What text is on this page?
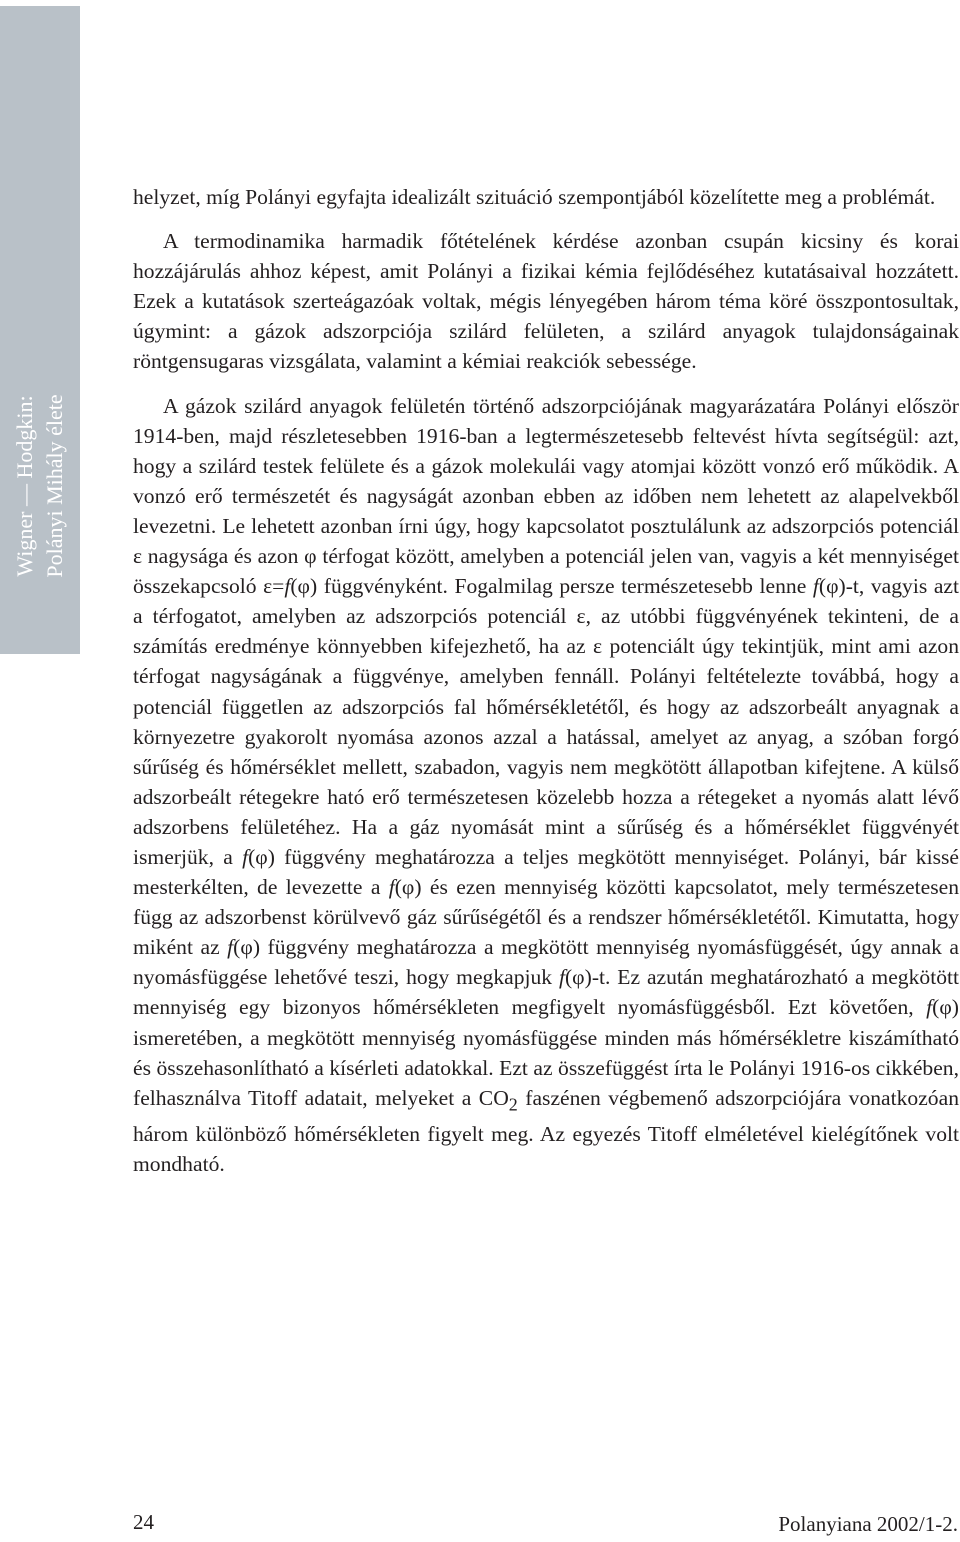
Wigner — Hodgkin: Polányi Mihály élete

helyzet, míg Polányi egyfajta idealizált szituáció szempontjából közelítette meg a problémát.

A termodinamika harmadik főtételének kérdése azonban csupán kicsiny és korai hozzájárulás ahhoz képest, amit Polányi a fizikai kémia fejlődéséhez kutatásaival hozzátett. Ezek a kutatások szerteágazóak voltak, mégis lényegében három téma köré összpontosultak, úgymint: a gázok adszorpciója szilárd felületen, a szilárd anyagok tulajdonságainak röntgensugaras vizsgálata, valamint a kémiai reakciók sebessége.

A gázok szilárd anyagok felületén történő adszorpciójának magyarázatára Polányi először 1914-ben, majd részletesebben 1916-ban a legtermészetesebb feltevést hívta segítségül: azt, hogy a szilárd testek felülete és a gázok molekulái vagy atomjai között vonzó erő működik. A vonzó erő természetét és nagyságát azonban ebben az időben nem lehetett az alapelvekből levezetni. Le lehetett azonban írni úgy, hogy kapcsolatot posztulálunk az adszorpciós potenciál ε nagysága és azon φ térfogat között, amelyben a potenciál jelen van, vagyis a két mennyiséget összekapcsoló ε=f(φ) függvényként. Fogalmilag persze természetesebb lenne f(φ)-t, vagyis azt a térfogatot, amelyben az adszorpciós potenciál ε, az utóbbi függvényének tekinteni, de a számítás eredménye könnyebben kifejezhető, ha az ε potenciált úgy tekintjük, mint ami azon térfogat nagyságának a függvénye, amelyben fennáll. Polányi feltételezte továbbá, hogy a potenciál független az adszorpciós fal hőmérsékletétől, és hogy az adszorbeált anyagnak a környezetre gyakorolt nyomása azonos azzal a hatással, amelyet az anyag, a szóban forgó sűrűség és hőmérséklet mellett, szabadon, vagyis nem megkötött állapotban kifejtene. A külső adszorbeált rétegekre ható erő természetesen közelebb hozza a rétegeket a nyomás alatt lévő adszorbens felületéhez. Ha a gáz nyomását mint a sűrűség és a hőmérséklet függvényét ismerjük, a f(φ) függvény meghatározza a teljes megkötött mennyiséget. Polányi, bár kissé mesterkélten, de levezette a f(φ) és ezen mennyiség közötti kapcsolatot, mely természetesen függ az adszorbenst körülvevő gáz sűrűségétől és a rendszer hőmérsékletétől. Kimutatta, hogy miként az f(φ) függvény meghatározza a megkötött mennyiség nyomásfüggését, úgy annak a nyomásfüggése lehetővé teszi, hogy megkapjuk f(φ)-t. Ez azután meghatározható a megkötött mennyiség egy bizonyos hőmérsékleten megfigyelt nyomásfüggésből. Ezt követően, f(φ) ismeretében, a megkötött mennyiség nyomásfüggése minden más hőmérsékletre kiszámítható és összehasonlítható a kísérleti adatokkal. Ezt az összefüggést írta le Polányi 1916-os cikkében, felhasználva Titoff adatait, melyeket a $CO_2$ faszénen végbemenő adszorpciójára vonatkozóan három különböző hőmérsékleten figyelt meg. Az egyezés Titoff elméletével kielégítőnek volt mondható.

24	Polanyiana 2002/1-2.
